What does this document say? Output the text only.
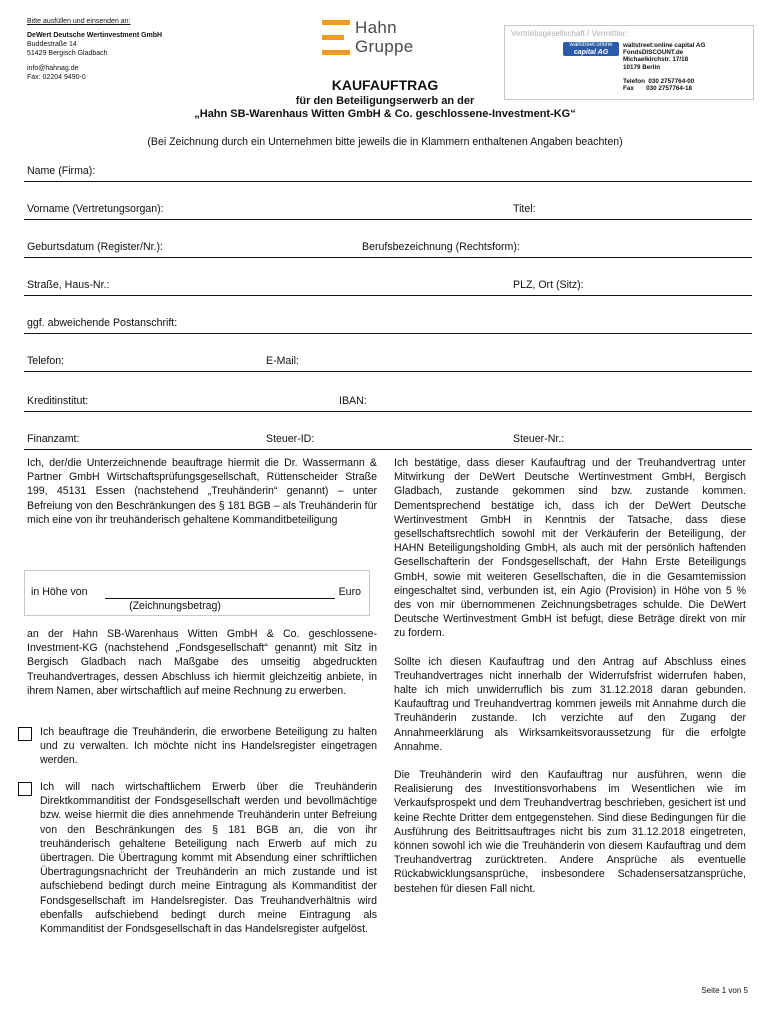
Bitte ausfüllen und einsenden an:
DeWert Deutsche Wertinvestment GmbH
Buddestraße 14
51429 Bergisch Gladbach
info@hahnag.de
Fax: 02204 9490-0
Hahn
Gruppe
Vertriebsgesellschaft / Vermittler:
wallstreet:online
capital AG
wallstreet:online capital AG
FondsDISCOUNT.de
Michaelkirchstr. 17/18
10179 Berlin
Telefon  030 2757764-00
Fax       030 2757764-18
KAUFAUFTRAG
für den Beteiligungserwerb an der
„Hahn SB-Warenhaus Witten GmbH & Co. geschlossene-Investment-KG“
(Bei Zeichnung durch ein Unternehmen bitte jeweils die in Klammern enthaltenen Angaben beachten)
Name (Firma):
Vorname (Vertretungsorgan):	Titel:
Geburtsdatum (Register/Nr.):	Berufsbezeichnung (Rechtsform):
Straße, Haus-Nr.:	PLZ, Ort (Sitz):
ggf. abweichende Postanschrift:
Telefon:	E-Mail:
Kreditinstitut:	IBAN:
Finanzamt:	Steuer-ID:	Steuer-Nr.:
Ich, der/die Unterzeichnende beauftrage hiermit die Dr. Wassermann & Partner GmbH Wirtschaftsprüfungsgesellschaft, Rüttenscheider Straße 199, 45131 Essen (nachstehend „Treuhänderin“ genannt) – unter Befreiung von den Beschränkungen des § 181 BGB – als Treuhänderin für mich eine von ihr treuhänderisch gehaltene Kommanditbeteiligung
in Höhe von	Euro
(Zeichnungsbetrag)
an der Hahn SB-Warenhaus Witten GmbH & Co. geschlossene-Investment-KG (nachstehend „Fondsgesellschaft“ genannt) mit Sitz in Bergisch Gladbach nach Maßgabe des umseitig abgedruckten Treuhandvertrages, dessen Abschluss ich hiermit gleichzeitig anbiete, in ihrem Namen, aber wirtschaftlich auf meine Rechnung zu erwerben.
Ich beauftrage die Treuhänderin, die erworbene Beteiligung zu halten und zu verwalten. Ich möchte nicht ins Handelsregister eingetragen werden.
Ich will nach wirtschaftlichem Erwerb über die Treuhänderin Direktkommanditist der Fondsgesellschaft werden und bevollmächtige bzw. weise hiermit die dies annehmende Treuhänderin unter Befreiung von den Beschränkungen des § 181 BGB an, die von ihr treuhänderisch gehaltene Beteiligung nach Erwerb auf mich zu übertragen. Die Übertragung kommt mit Absendung einer schriftlichen Übertragungsnachricht der Treuhänderin an mich zustande und ist aufschiebend bedingt durch meine Eintragung als Kommanditist der Fondsgesellschaft im Handelsregister. Das Treuhandverhältnis wird ebenfalls aufschiebend bedingt durch meine Eintragung als Kommanditist der Fondsgesellschaft in das Handelsregister aufgelöst.
Ich bestätige, dass dieser Kaufauftrag und der Treuhandvertrag unter Mitwirkung der DeWert Deutsche Wertinvestment GmbH, Bergisch Gladbach, zustande gekommen sind bzw. zustande kommen. Dementsprechend bestätige ich, dass ich der DeWert Deutsche Wertinvestment GmbH in Kenntnis der Tatsache, dass diese gesellschaftsrechtlich sowohl mit der Verkäuferin der Beteiligung, der HAHN Beteiligungsholding GmbH, als auch mit der persönlich haftenden Gesellschafterin der Fondsgesellschaft, der Hahn Erste Beteiligungs GmbH, sowie mit weiteren Gesellschaften, die in die Gesamtemission eingeschaltet sind, verbunden ist, ein Agio (Provision) in Höhe von 5 % des von mir übernommenen Zeichnungsbetrages schulde. Die DeWert Deutsche Wertinvestment GmbH ist befugt, diese Beträge direkt von mir zu fordern.
Sollte ich diesen Kaufauftrag und den Antrag auf Abschluss eines Treuhandvertrages nicht innerhalb der Widerrufsfrist widerrufen haben, halte ich mich unwiderruflich bis zum 31.12.2018 daran gebunden. Kaufauftrag und Treuhandvertrag kommen jeweils mit Annahme durch die Treuhänderin zustande. Ich verzichte auf den Zugang der Annahmeerklärung als Wirksamkeitsvoraussetzung für die erfolgte Annahme.
Die Treuhänderin wird den Kaufauftrag nur ausführen, wenn die Realisierung des Investitionsvorhabens im Wesentlichen wie im Verkaufsprospekt und dem Treuhandvertrag beschrieben, gesichert ist und keine Rechte Dritter dem entgegenstehen. Sind diese Bedingungen für die Ausführung des Beitrittsauftrages nicht bis zum 31.12.2018 eingetreten, können sowohl ich wie die Treuhänderin von diesem Kaufauftrag und dem Treuhandvertrag zurücktreten. Andere Ansprüche als eventuelle Rückabwicklungsansprüche, insbesondere Schadensersatzansprüche, bestehen für diesen Fall nicht.
Seite 1 von 5
